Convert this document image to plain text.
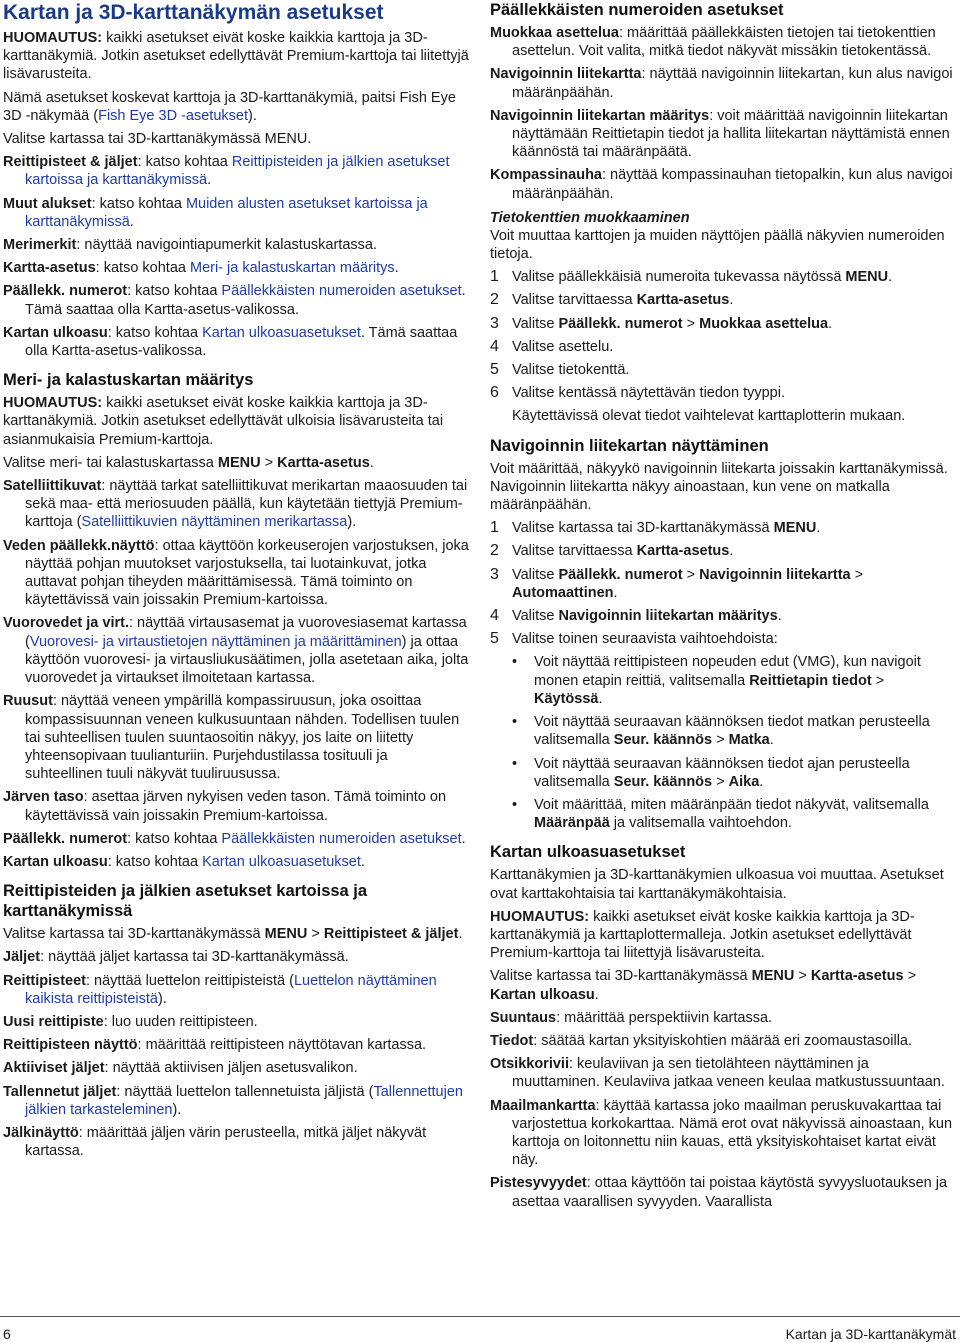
Kartan ja 3D-karttanäkymän asetukset

HUOMAUTUS: kaikki asetukset eivät koske kaikkia karttoja ja 3D-karttanäkymiä. Jotkin asetukset edellyttävät Premium-karttoja tai liitettyjä lisävarusteita.

Nämä asetukset koskevat karttoja ja 3D-karttanäkymiä, paitsi Fish Eye 3D -näkymää (Fish Eye 3D -asetukset).

Valitse kartassa tai 3D-karttanäkymässä MENU.

Reittipisteet & jäljet: katso kohtaa Reittipisteiden ja jälkien asetukset kartoissa ja karttanäkymissä.
Muut alukset: katso kohtaa Muiden alusten asetukset kartoissa ja karttanäkymissä.
Merimerkit: näyttää navigointiapumerkit kalastuskartassa.
Kartta-asetus: katso kohtaa Meri- ja kalastuskartan määritys.
Päällekk. numerot: katso kohtaa Päällekkäisten numeroiden asetukset. Tämä saattaa olla Kartta-asetus-valikossa.
Kartan ulkoasu: katso kohtaa Kartan ulkoasuasetukset. Tämä saattaa olla Kartta-asetus-valikossa.
Meri- ja kalastuskartan määritys

HUOMAUTUS: kaikki asetukset eivät koske kaikkia karttoja ja 3D-karttanäkymiä. Jotkin asetukset edellyttävät ulkoisia lisävarusteita tai asianmukaisia Premium-karttoja.

Valitse meri- tai kalastuskartassa MENU > Kartta-asetus.

Satelliittikuvat: näyttää tarkat satelliittikuvat merikartan maaosuuden tai sekä maa- että meriosuuden päällä, kun käytetään tiettyjä Premium-karttoja (Satelliittikuvien näyttäminen merikartassa).
Veden päällekk.näyttö: ottaa käyttöön korkeuserojen varjostuksen, joka näyttää pohjan muutokset varjostuksella, tai luotainkuvat, jotka auttavat pohjan tiheyden määrittämisessä. Tämä toiminto on käytettävissä vain joissakin Premium-kartoissa.
Vuorovedet ja virt.: näyttää virtausasemat ja vuorovesiasemat kartassa (Vuorovesi- ja virtaustietojen näyttäminen ja määrittäminen) ja ottaa käyttöön vuorovesi- ja virtausliukusäätimen, jolla asetetaan aika, jolta vuorovedet ja virtaukset ilmoitetaan kartassa.
Ruusut: näyttää veneen ympärillä kompassiruusun, joka osoittaa kompassisuunnan veneen kulkusuuntaan nähden. Todellisen tuulen tai suhteellisen tuulen suuntaosoitin näkyy, jos laite on liitetty yhteensopivaan tuulianturiin. Purjehdustilassa tosituuli ja suhteellinen tuuli näkyvät tuuliruusussa.
Järven taso: asettaa järven nykyisen veden tason. Tämä toiminto on käytettävissä vain joissakin Premium-kartoissa.
Päällekk. numerot: katso kohtaa Päällekkäisten numeroiden asetukset.
Kartan ulkoasu: katso kohtaa Kartan ulkoasuasetukset.
Reittipisteiden ja jälkien asetukset kartoissa ja karttanäkymissä

Valitse kartassa tai 3D-karttanäkymässä MENU > Reittipisteet & jäljet.

Jäljet: näyttää jäljet kartassa tai 3D-karttanäkymässä.
Reittipisteet: näyttää luettelon reittipisteistä (Luettelon näyttäminen kaikista reittipisteistä).
Uusi reittipiste: luo uuden reittipisteen.
Reittipisteen näyttö: määrittää reittipisteen näyttötavan kartassa.
Aktiiviset jäljet: näyttää aktiivisen jäljen asetusvalikon.
Tallennetut jäljet: näyttää luettelon tallennetuista jäljistä (Tallennettujen jälkien tarkasteleminen).
Jälkinäyttö: määrittää jäljen värin perusteella, mitkä jäljet näkyvät kartassa.
Päällekkäisten numeroiden asetukset
Muokkaa asettelua: määrittää päällekkäisten tietojen tai tietokenttien asettelun. Voit valita, mitkä tiedot näkyvät missäkin tietokentässä.
Navigoinnin liitekartta: näyttää navigoinnin liitekartan, kun alus navigoi määränpäähän.
Navigoinnin liitekartan määritys: voit määrittää navigoinnin liitekartan näyttämään Reittietapin tiedot ja hallita liitekartan näyttämistä ennen käännöstä tai määränpäätä.
Kompassinauha: näyttää kompassinauhan tietopalkin, kun alus navigoi määränpäähän.
Tietokenttien muokkaaminen

Voit muuttaa karttojen ja muiden näyttöjen päällä näkyvien numeroiden tietoja.

1 Valitse päällekkäisiä numeroita tukevassa näytössä MENU.
2 Valitse tarvittaessa Kartta-asetus.
3 Valitse Päällekk. numerot > Muokkaa asettelua.
4 Valitse asettelu.
5 Valitse tietokenttä.
6 Valitse kentässä näytettävän tiedon tyyppi.

Käytettävissä olevat tiedot vaihtelevat karttaplotterin mukaan.

Navigoinnin liitekartan näyttäminen

Voit määrittää, näkyykö navigoinnin liitekarta joissakin karttanäkymissä. Navigoinnin liitekartta näkyy ainoastaan, kun vene on matkalla määränpäähän.

1 Valitse kartassa tai 3D-karttanäkymässä MENU.
2 Valitse tarvittaessa Kartta-asetus.
3 Valitse Päällekk. numerot > Navigoinnin liitekartta > Automaattinen.
4 Valitse Navigoinnin liitekartan määritys.
5 Valitse toinen seuraavista vaihtoehdoista:
• Voit näyttää reittipisteen nopeuden edut (VMG), kun navigoit monen etapin reittiä, valitsemalla Reittietapin tiedot > Käytössä.
• Voit näyttää seuraavan käännöksen tiedot matkan perusteella valitsemalla Seur. käännös > Matka.
• Voit näyttää seuraavan käännöksen tiedot ajan perusteella valitsemalla Seur. käännös > Aika.
• Voit määrittää, miten määränpään tiedot näkyvät, valitsemalla Määränpää ja valitsemalla vaihtoehdon.
Kartan ulkoasuasetukset

Karttanäkymien ja 3D-karttanäkymien ulkoasua voi muuttaa. Asetukset ovat karttakohtaisia tai karttanäkymäkohtaisia.

HUOMAUTUS: kaikki asetukset eivät koske kaikkia karttoja ja 3D-karttanäkymiä ja karttaplottermalleja. Jotkin asetukset edellyttävät Premium-karttoja tai liitettyjä lisävarusteita.

Valitse kartassa tai 3D-karttanäkymässä MENU > Kartta-asetus > Kartan ulkoasu.

Suuntaus: määrittää perspektiivin kartassa.
Tiedot: säätää kartan yksityiskohtien määrää eri zoomaustasoilla.
Otsikkorivii: keulaviivan ja sen tietolähteen näyttäminen ja muuttaminen. Keulaviiva jatkaa veneen keulaa matkustussuuntaan.
Maailmankartta: käyttää kartassa joko maailman peruskuvakarttaa tai varjostettua korkokarttaa. Nämä erot ovat näkyvissä ainoastaan, kun karttoja on loitonnettu niin kauas, että yksityiskohtaiset kartat eivät näy.
Pistesyvyydet: ottaa käyttöön tai poistaa käytöstä syvyysluotauksen ja asettaa vaarallisen syvyyden. Vaarallista
6	Kartan ja 3D-karttanäkymät
